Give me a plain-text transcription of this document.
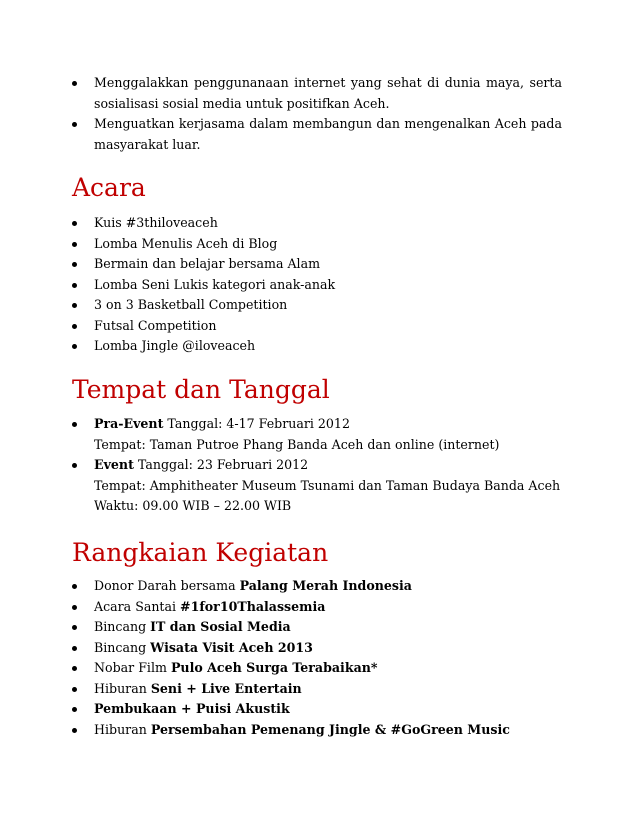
Menggalakkan penggunanaan internet yang sehat di dunia maya, serta sosialisasi sosial media untuk positifkan Aceh.
Menguatkan kerjasama dalam membangun dan mengenalkan Aceh pada masyarakat luar.
Acara
Kuis #3thiloveaceh
Lomba Menulis Aceh di Blog
Bermain dan belajar bersama Alam
Lomba Seni Lukis kategori anak-anak
3 on 3 Basketball Competition
Futsal Competition
Lomba Jingle @iloveaceh
Tempat dan Tanggal
Pra-Event Tanggal: 4-17 Februari 2012
Tempat: Taman Putroe Phang Banda Aceh dan online (internet)
Event Tanggal: 23 Februari 2012
Tempat: Amphitheater Museum Tsunami dan Taman Budaya Banda Aceh
Waktu: 09.00 WIB – 22.00 WIB
Rangkaian Kegiatan
Donor Darah bersama Palang Merah Indonesia
Acara Santai #1for10Thalassemia
Bincang IT dan Sosial Media
Bincang Wisata Visit Aceh 2013
Nobar Film Pulo Aceh Surga Terabaikan*
Hiburan Seni + Live Entertain
Pembukaan + Puisi Akustik
Hiburan Persembahan Pemenang Jingle & #GoGreen Music
